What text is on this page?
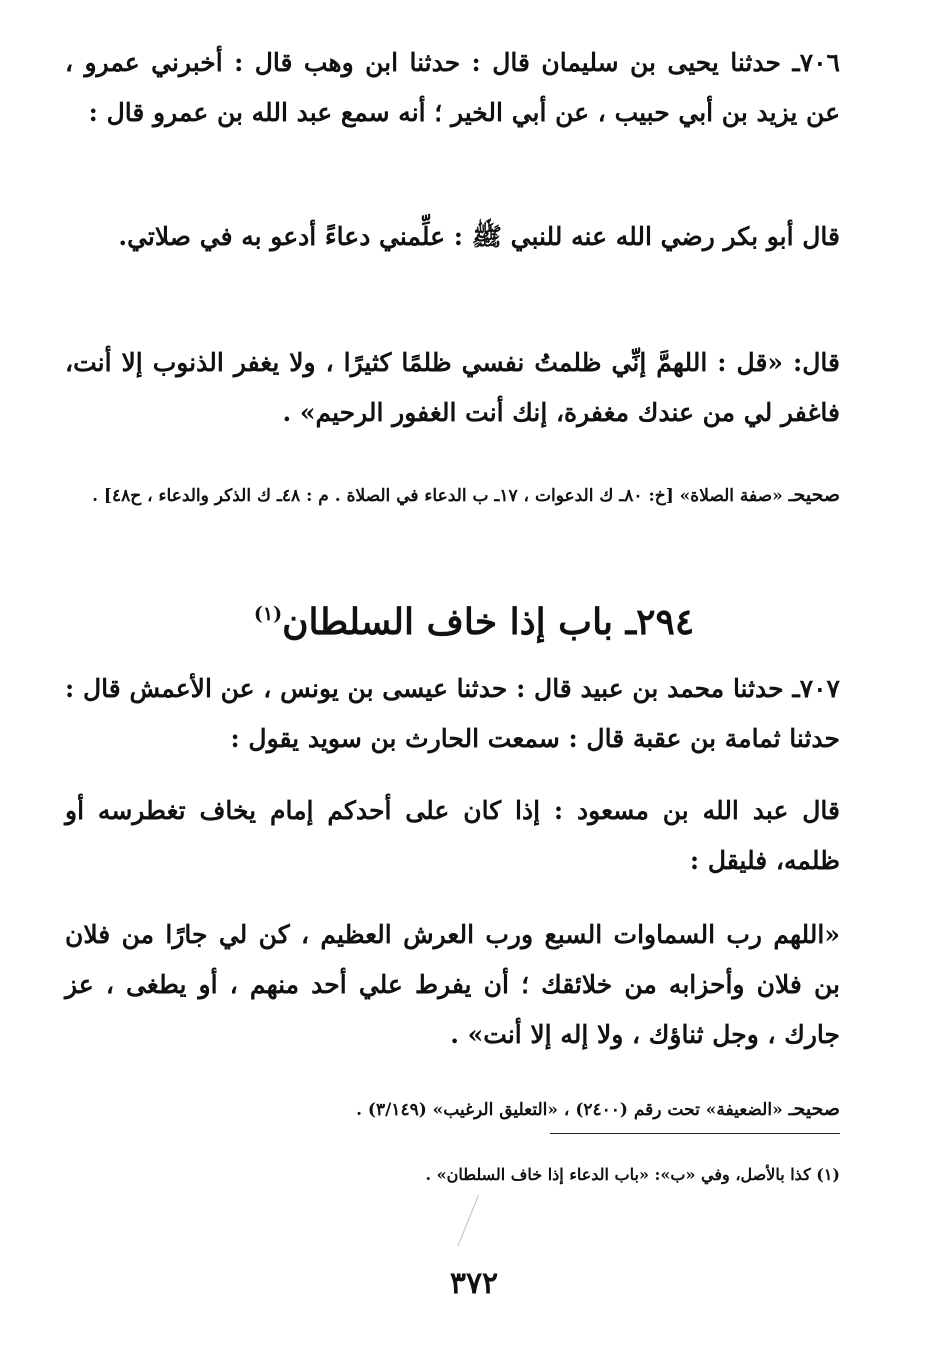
٧٠٦ـ حدثنا يحيى بن سليمان قال : حدثنا ابن وهب قال : أخبرني عمرو ، عن يزيد بن أبي حبيب ، عن أبي الخير ؛ أنه سمع عبد الله بن عمرو قال :

قال أبو بكر رضي الله عنه للنبي ﷺ : علِّمني دعاءً أدعو به في صلاتي.

قال: «قل : اللهمَّ إنِّي ظلمتُ نفسي ظلمًا كثيرًا ، ولا يغفر الذنوب إلا أنت، فاغفر لي من عندك مغفرة، إنك أنت الغفور الرحيم» .

صحيحـ «صفة الصلاة» [خ: ٨٠ـ ك الدعوات ، ١٧ـ ب الدعاء في الصلاة . م : ٤٨ـ ك الذكر والدعاء ، ح٤٨] .

٢٩٤ـ باب إذا خاف السلطان$^{(١)}$

٧٠٧ـ حدثنا محمد بن عبيد قال : حدثنا عيسى بن يونس ، عن الأعمش قال : حدثنا ثمامة بن عقبة قال : سمعت الحارث بن سويد يقول :

قال عبد الله بن مسعود : إذا كان على أحدكم إمام يخاف تغطرسه أو ظلمه، فليقل :

«اللهم رب السماوات السبع ورب العرش العظيم ، كن لي جارًا من فلان بن فلان وأحزابه من خلائقك ؛ أن يفرط علي أحد منهم ، أو يطغى ، عز جارك ، وجل ثناؤك ، ولا إله إلا أنت» .

صحيحـ «الضعيفة» تحت رقم (٢٤٠٠) ، «التعليق الرغيب» (٣/١٤٩) .

(١) كذا بالأصل، وفي «ب»: «باب الدعاء إذا خاف السلطان» .
٣٧٢
